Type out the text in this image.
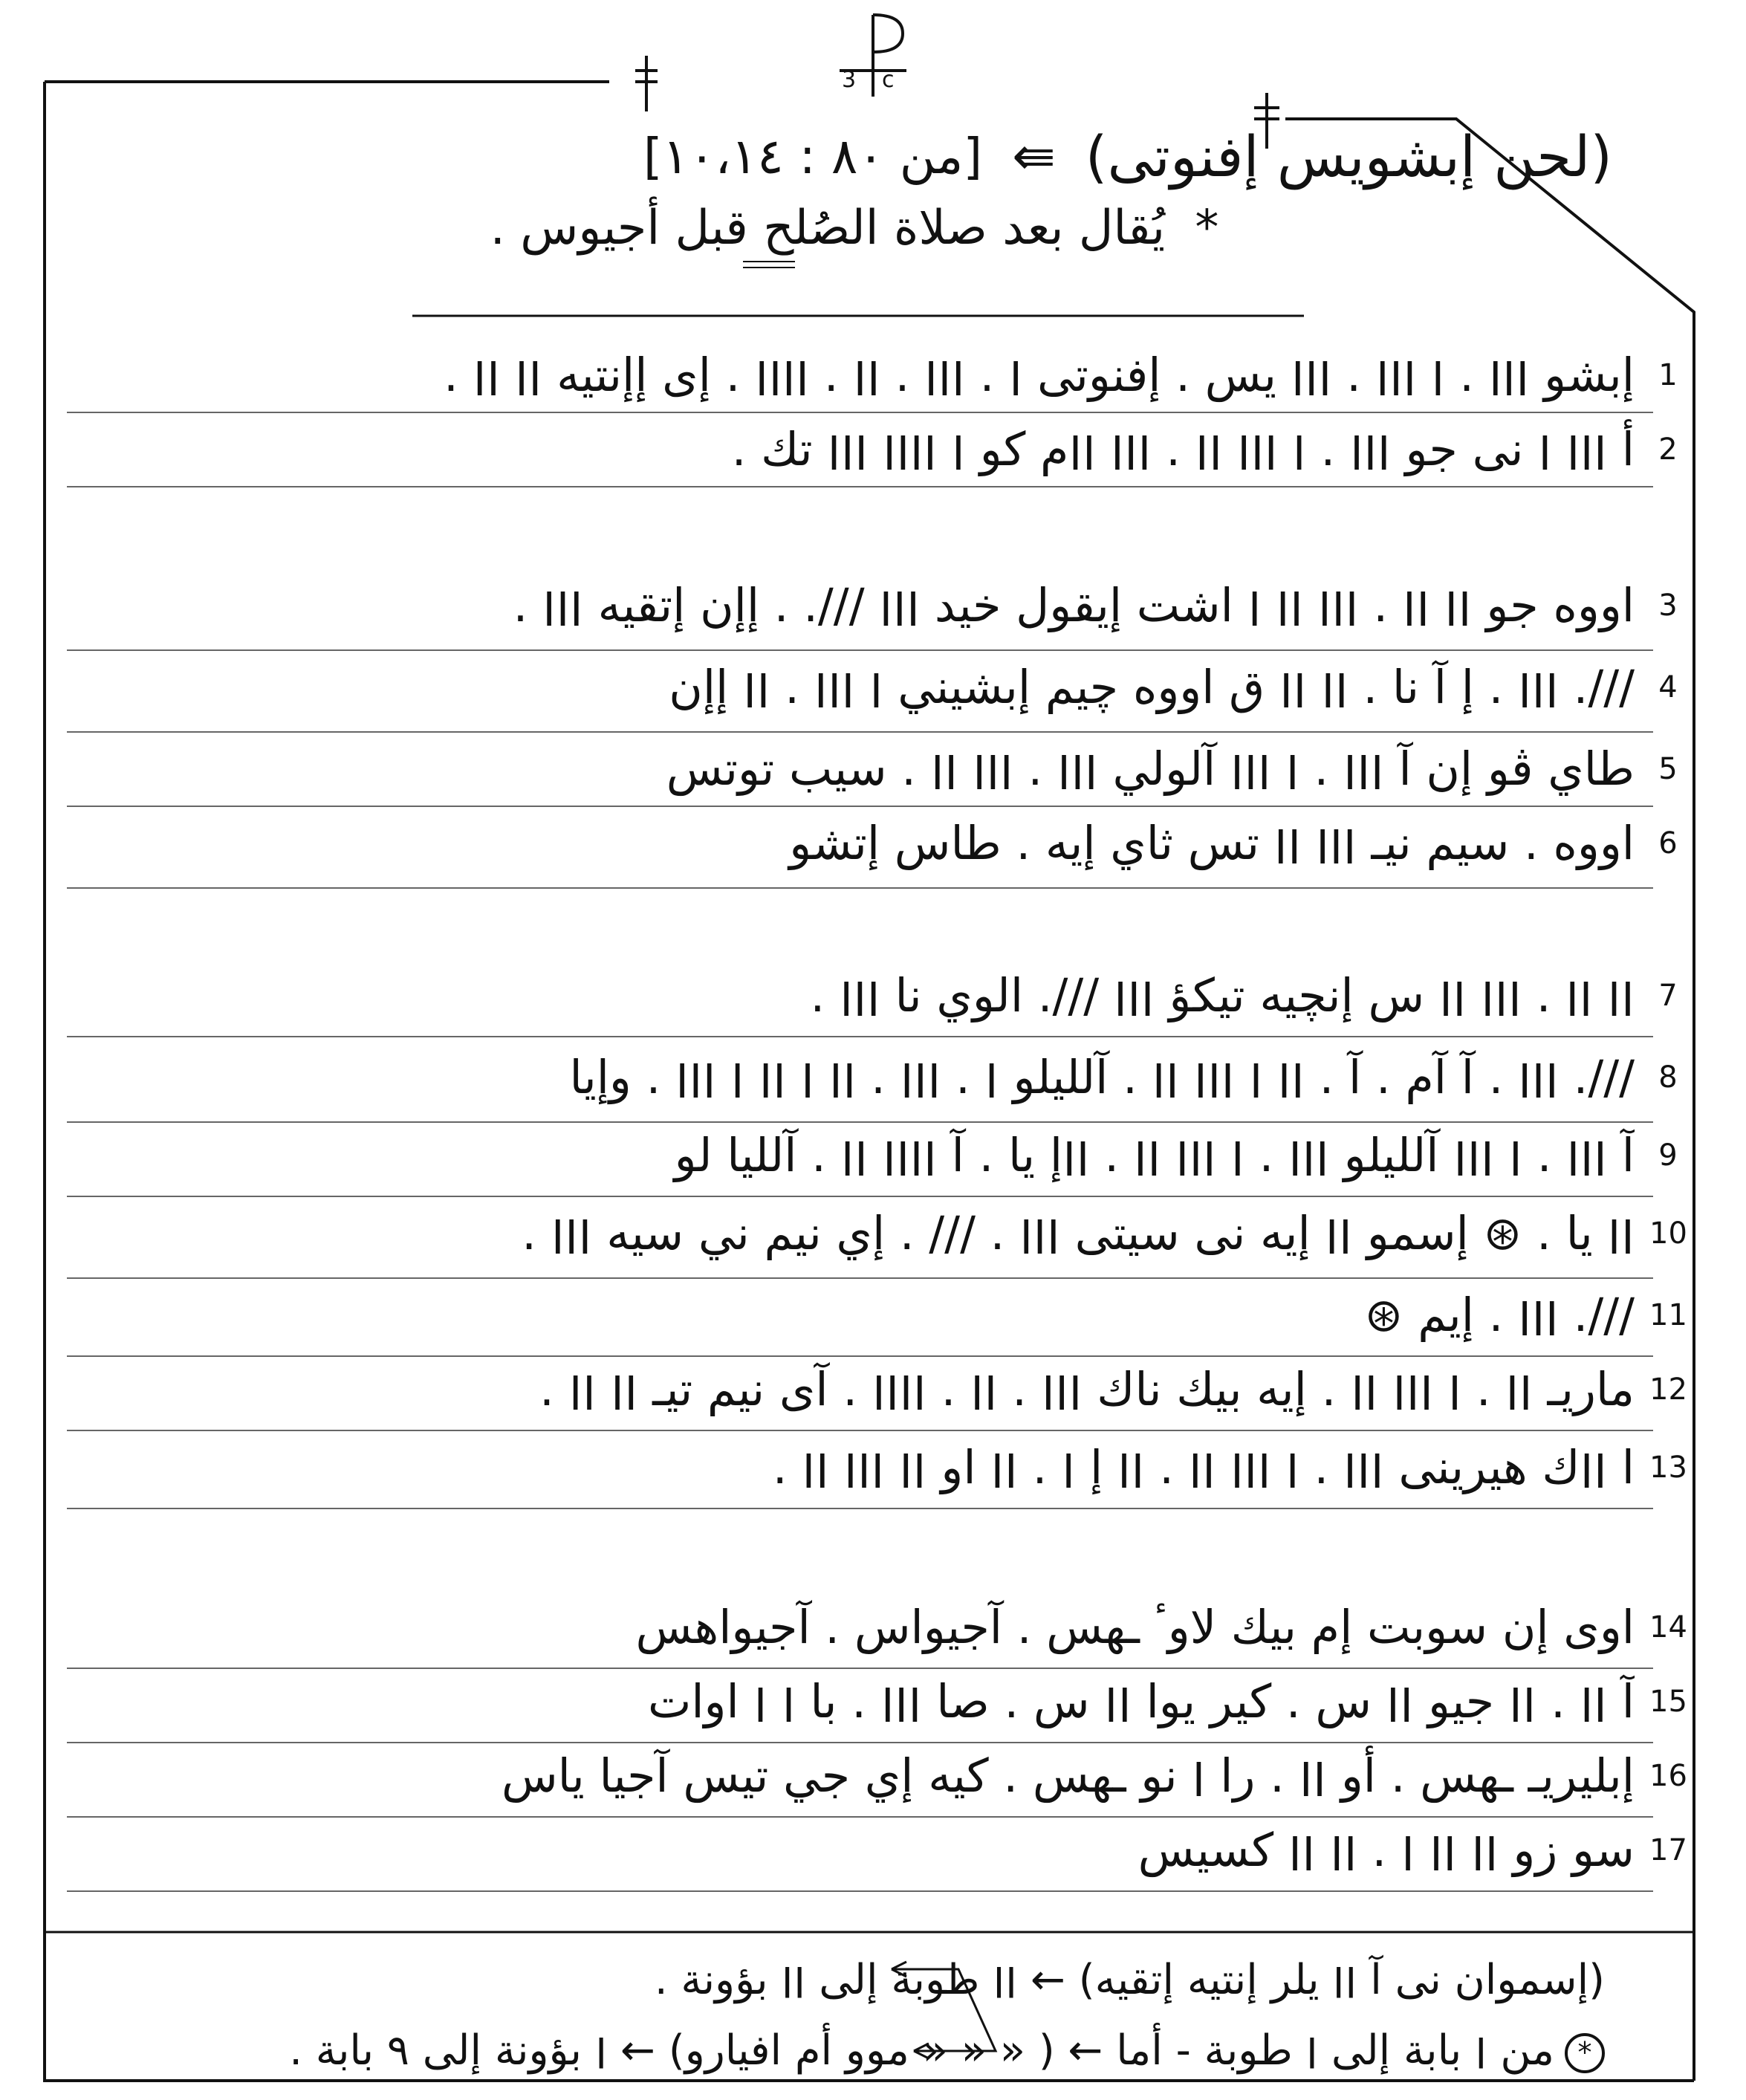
3 c
(لحن إبشويس إفنوتى)
⇚
[من ٨٠ : ١٠،١٤]
* يُقال بعد صلاة الصُلح قبل أجيوس .
إبشو ׀׀׀ . ׀ ׀׀׀ . ׀׀׀ يس . إفنوتى ׀ . ׀׀׀ . ׀׀ . ׀׀׀׀ . إى إإنتيه ׀׀ ׀׀ . 1
أ ׀׀׀ ׀ نى جو ׀׀׀ . ׀ ׀׀׀ ׀׀ . ׀׀׀ ׀׀م كو ׀ ׀׀׀׀ ׀׀׀ تك . 2
اووه جو ׀׀ ׀׀ . ׀׀׀ ׀׀ ׀ اشت إيقول خيد ׀׀׀ ///. . إإن إتقيه ׀׀׀ . 3
///. ׀׀׀ . إ آ نا . ׀׀ ׀׀ ق اووه چيم إبشيني ׀ ׀׀׀ . ׀׀ إإن 4
طاي ڤو إن آ ׀׀׀ . ׀ ׀׀׀ آلولي ׀׀׀ . ׀׀׀ ׀׀ . سيب توتس 5
اووه . سيم نيـ ׀׀׀ ׀׀ تس ثاي إيه . طاس إتشو 6
׀׀ ׀׀ . ׀׀׀ ׀׀ س إنچيه تيكؤ ׀׀׀ ///. الوي نا ׀׀׀ . 7
///. ׀׀׀ . آ آم . آ . ׀׀ ׀ ׀׀׀ ׀׀ . آلليلو ׀ . ׀׀׀ . ׀׀ ׀ ׀׀ ׀ ׀׀׀ . وإيا 8
آ ׀׀׀ . ׀ ׀׀׀ آلليلو ׀׀׀ . ׀ ׀׀׀ ׀׀ . ׀׀إ يا . آ ׀׀׀׀ ׀׀ . آلليا لو 9
׀׀ يا . ⊛ إسمو ׀׀ إيه نى سيتى ׀׀׀ . /// . إي نيم ني سيه ׀׀׀ . 10
///. ׀׀׀ . إيم ⊛ 11
ماريـ ׀׀ . ׀ ׀׀׀ ׀׀ . إيه بيك ناك ׀׀׀ . ׀׀ . ׀׀׀׀ . آى نيم تيـ ׀׀ ׀׀ . 12
ا ׀׀ك هيرينى ׀׀׀ . ׀ ׀׀׀ ׀׀ . ׀׀ إ ׀ . ׀׀ او ׀׀ ׀׀׀ ׀׀ . 13
اوى إن سوبت إم بيك لاوٴ ـهس . آجيواس . آجيواهس 14
آ ׀׀ . ׀׀ جيو ׀׀ س . كير يوا ׀׀ س . صا ׀׀׀ . با ׀ ׀ اوات 15
إبليريـ ـهس . أو ׀׀ . را ׀ نو ـهس . كيه إي جي تيس آجيا ياس 16
سو زو ׀׀ ׀׀ ׀ . ׀׀ ׀׀ كسيس 17
(إسموان نى آ ׀׀ يلر إنتيه إتقيه) ← ׀׀ طوبة إلى ׀׀ بؤونة .
*من ׀ بابة إلى ׀ طوبة - أما ← ( « « « موو أم افيارو) ← ׀ بؤونة إلى ٩ بابة .
